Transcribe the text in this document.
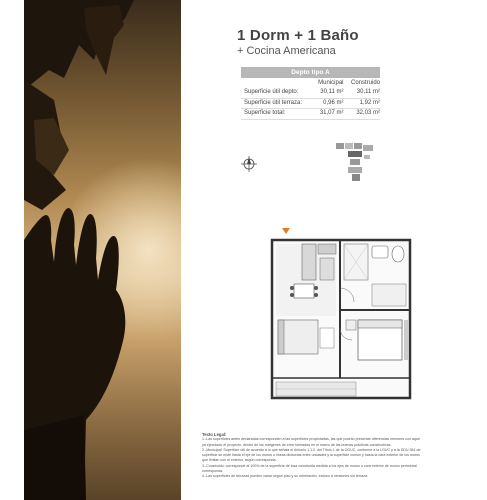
1 Dorm + 1 Baño
+ Cocina Americana
Depto tipo A
Municipal	Construido
Superficie útil depto:	30,11 m²	30,11 m²
Superficie útil terraza:	0,96 m²	1,92 m²
Superficie total:	31,07 m²	32,03 m²
Texto Legal:
1.-Las superficies antes declaradas corresponden a las superficies proyectadas, las que podrán presentar diferencias menores con aque
ya ejecutado el proyecto, dentro de los márgenes de error toleradas en el marco de las buenas prácticas constructivas.
2.-Municipal: Superficie útil de acuerdo a lo que señala el Artículo 1.1.2. del Título 1 de la OGUC, conforme a la LGUC y a la DDU 361 de
superficie se mide hasta el eje de los muros o líneas divisorias entre unidades y la superficie común y hasta la cara exterior de los muros
que limitan con el exterior, según corresponda.
3.-Construido: corresponde al 100% de la superficie de losa construida medida a los ejes de muros o cara exterior de muros perimetral
corresponda.
4.-Las superficies de terrazas pueden variar según piso y su orientación, incluso a versiones sin terraza.
